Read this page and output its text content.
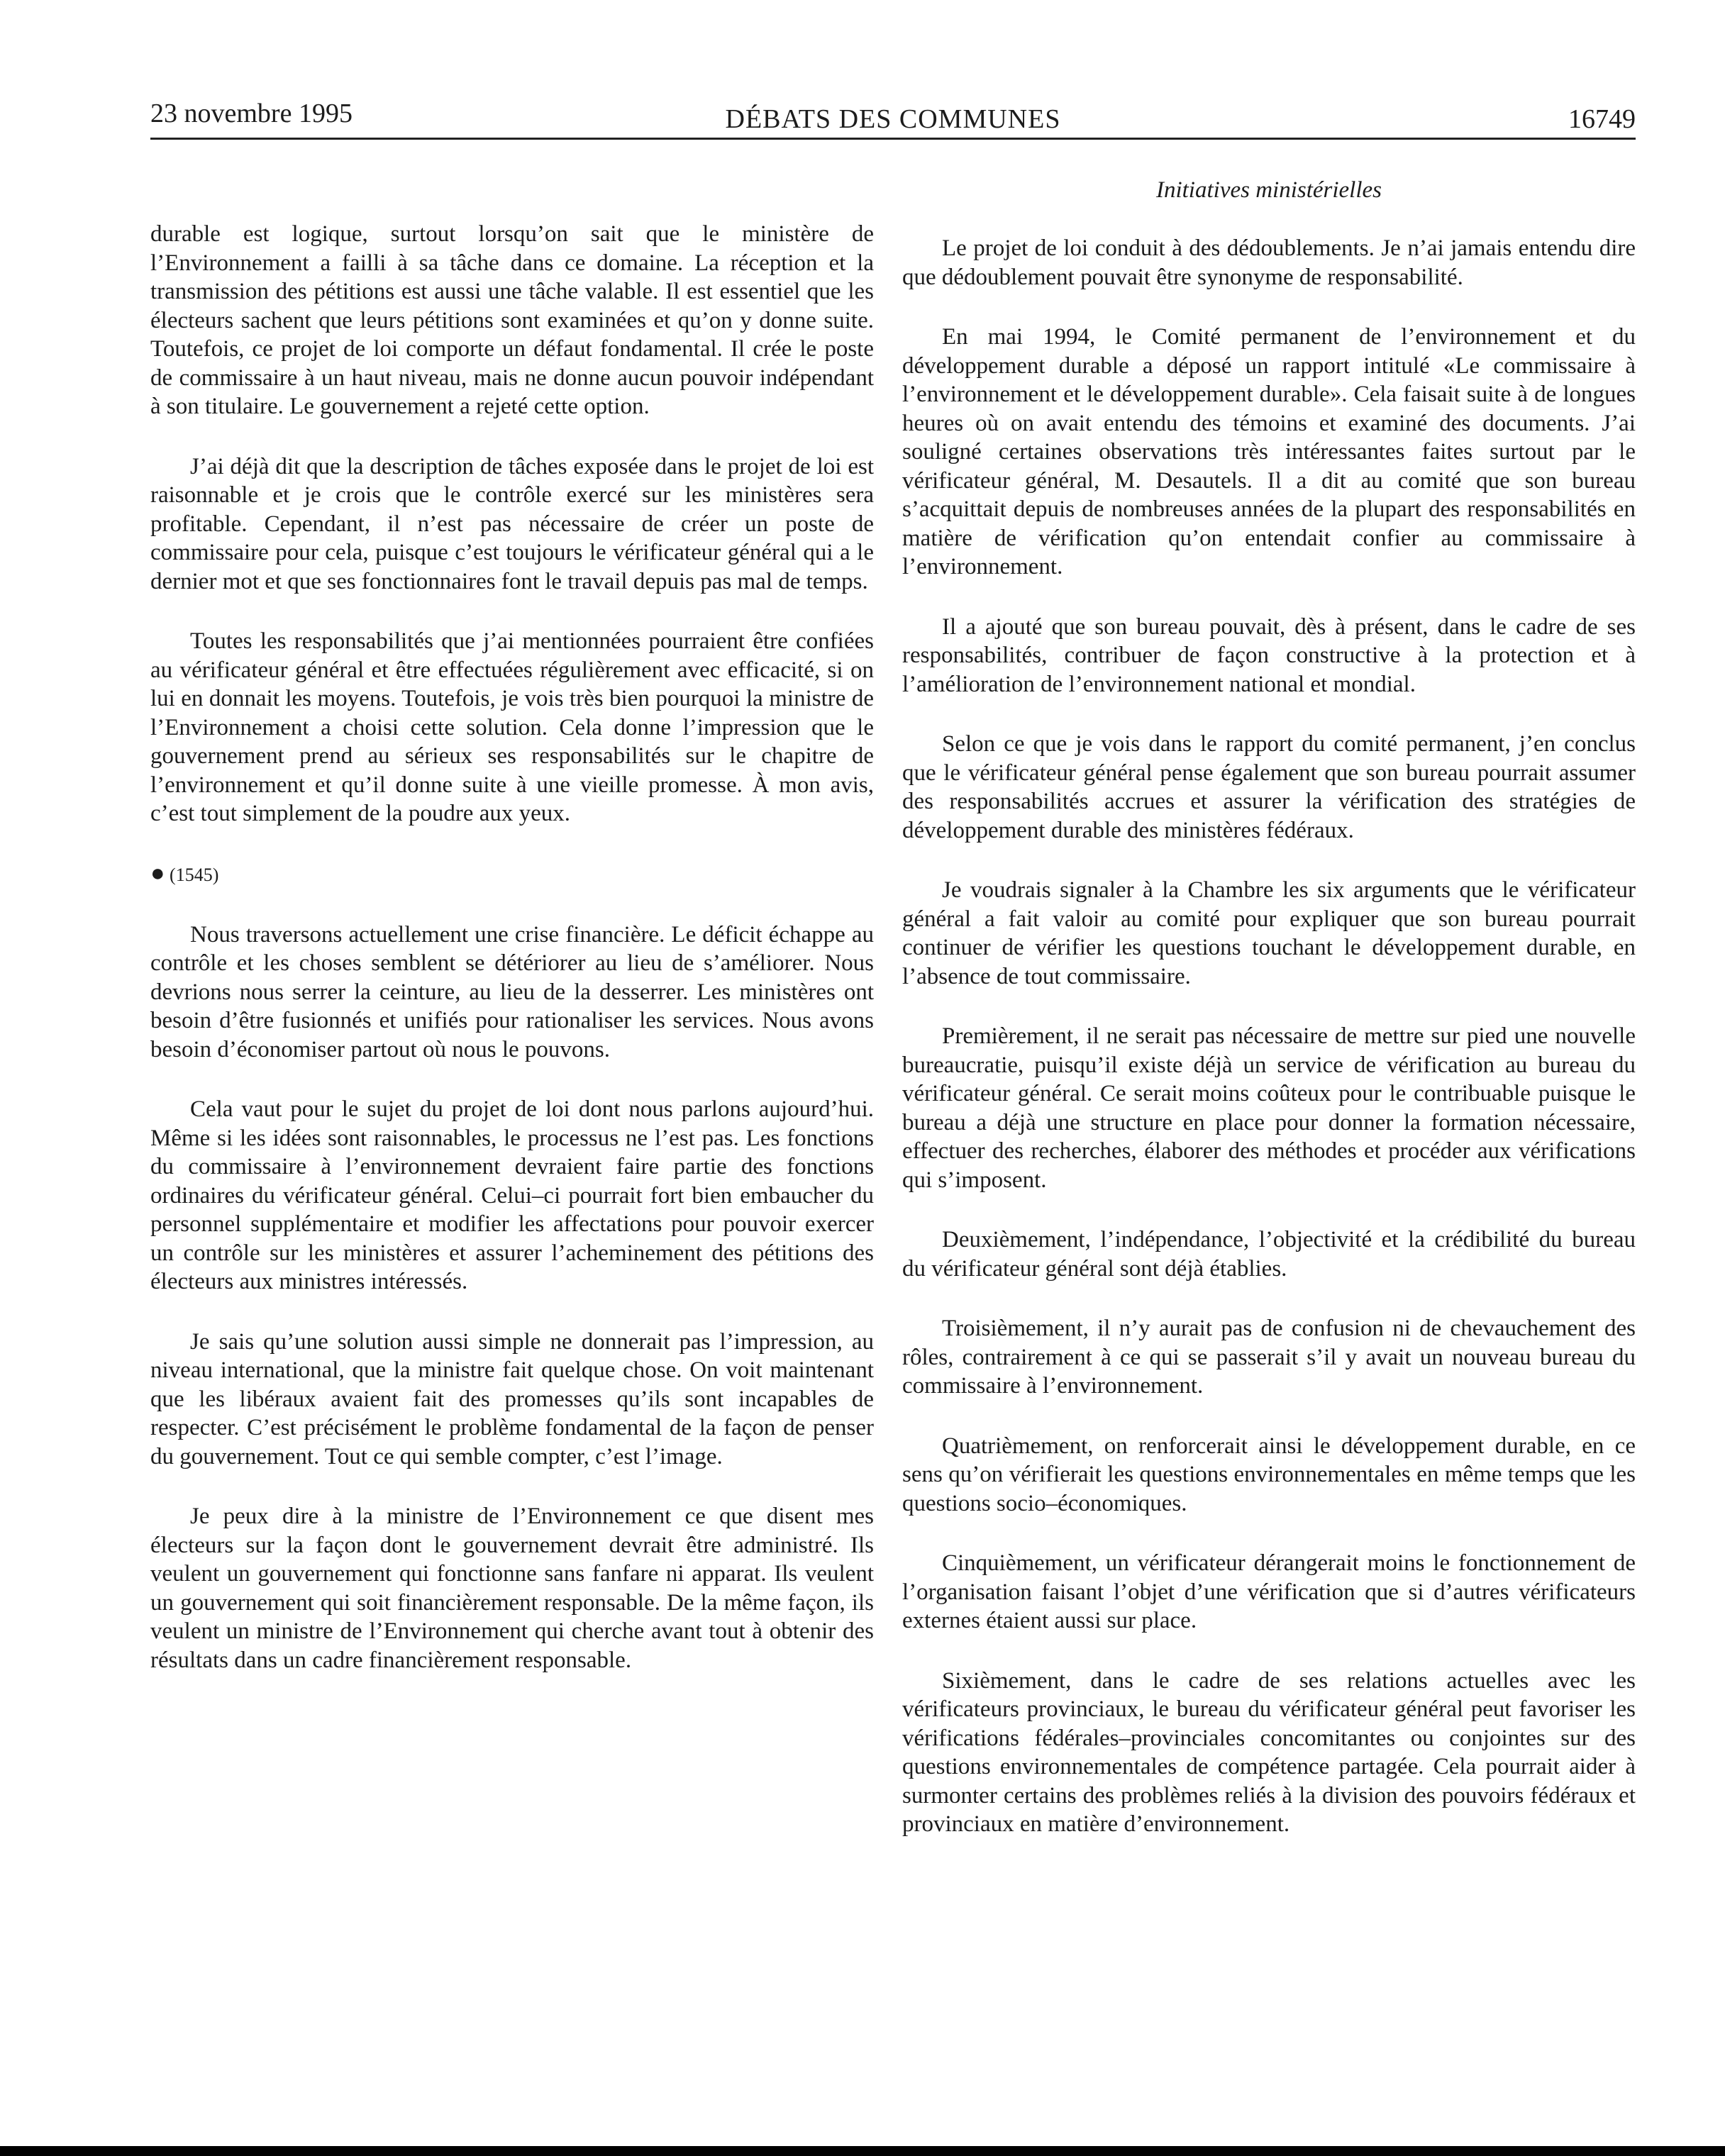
23 novembre 1995	DÉBATS DES COMMUNES	16749
Initiatives ministérielles

durable est logique, surtout lorsqu’on sait que le ministère de l’Environnement a failli à sa tâche dans ce domaine. La réception et la transmission des pétitions est aussi une tâche valable. Il est essentiel que les électeurs sachent que leurs pétitions sont examinées et qu’on y donne suite. Toutefois, ce projet de loi comporte un défaut fondamental. Il crée le poste de commissaire à un haut niveau, mais ne donne aucun pouvoir indépendant à son titulaire. Le gouvernement a rejeté cette option.

J’ai déjà dit que la description de tâches exposée dans le projet de loi est raisonnable et je crois que le contrôle exercé sur les ministères sera profitable. Cependant, il n’est pas nécessaire de créer un poste de commissaire pour cela, puisque c’est toujours le vérificateur général qui a le dernier mot et que ses fonctionnaires font le travail depuis pas mal de temps.

Toutes les responsabilités que j’ai mentionnées pourraient être confiées au vérificateur général et être effectuées régulièrement avec efficacité, si on lui en donnait les moyens. Toutefois, je vois très bien pourquoi la ministre de l’Environnement a choisi cette solution. Cela donne l’impression que le gouvernement prend au sérieux ses responsabilités sur le chapitre de l’environnement et qu’il donne suite à une vieille promesse. À mon avis, c’est tout simplement de la poudre aux yeux.

● (1545)

Nous traversons actuellement une crise financière. Le déficit échappe au contrôle et les choses semblent se détériorer au lieu de s’améliorer. Nous devrions nous serrer la ceinture, au lieu de la desserrer. Les ministères ont besoin d’être fusionnés et unifiés pour rationaliser les services. Nous avons besoin d’économiser partout où nous le pouvons.

Cela vaut pour le sujet du projet de loi dont nous parlons aujourd’hui. Même si les idées sont raisonnables, le processus ne l’est pas. Les fonctions du commissaire à l’environnement devraient faire partie des fonctions ordinaires du vérificateur général. Celui–ci pourrait fort bien embaucher du personnel supplémentaire et modifier les affectations pour pouvoir exercer un contrôle sur les ministères et assurer l’acheminement des pétitions des électeurs aux ministres intéressés.

Je sais qu’une solution aussi simple ne donnerait pas l’impression, au niveau international, que la ministre fait quelque chose. On voit maintenant que les libéraux avaient fait des promesses qu’ils sont incapables de respecter. C’est précisément le problème fondamental de la façon de penser du gouvernement. Tout ce qui semble compter, c’est l’image.

Je peux dire à la ministre de l’Environnement ce que disent mes électeurs sur la façon dont le gouvernement devrait être administré. Ils veulent un gouvernement qui fonctionne sans fanfare ni apparat. Ils veulent un gouvernement qui soit financièrement responsable. De la même façon, ils veulent un ministre de l’Environnement qui cherche avant tout à obtenir des résultats dans un cadre financièrement responsable.

Le projet de loi conduit à des dédoublements. Je n’ai jamais entendu dire que dédoublement pouvait être synonyme de responsabilité.

En mai 1994, le Comité permanent de l’environnement et du développement durable a déposé un rapport intitulé «Le commissaire à l’environnement et le développement durable». Cela faisait suite à de longues heures où on avait entendu des témoins et examiné des documents. J’ai souligné certaines observations très intéressantes faites surtout par le vérificateur général, M. Desautels. Il a dit au comité que son bureau s’acquittait depuis de nombreuses années de la plupart des responsabilités en matière de vérification qu’on entendait confier au commissaire à l’environnement.

Il a ajouté que son bureau pouvait, dès à présent, dans le cadre de ses responsabilités, contribuer de façon constructive à la protection et à l’amélioration de l’environnement national et mondial.

Selon ce que je vois dans le rapport du comité permanent, j’en conclus que le vérificateur général pense également que son bureau pourrait assumer des responsabilités accrues et assurer la vérification des stratégies de développement durable des ministères fédéraux.

Je voudrais signaler à la Chambre les six arguments que le vérificateur général a fait valoir au comité pour expliquer que son bureau pourrait continuer de vérifier les questions touchant le développement durable, en l’absence de tout commissaire.

Premièrement, il ne serait pas nécessaire de mettre sur pied une nouvelle bureaucratie, puisqu’il existe déjà un service de vérification au bureau du vérificateur général. Ce serait moins coûteux pour le contribuable puisque le bureau a déjà une structure en place pour donner la formation nécessaire, effectuer des recherches, élaborer des méthodes et procéder aux vérifications qui s’imposent.

Deuxièmement, l’indépendance, l’objectivité et la crédibilité du bureau du vérificateur général sont déjà établies.

Troisièmement, il n’y aurait pas de confusion ni de chevauchement des rôles, contrairement à ce qui se passerait s’il y avait un nouveau bureau du commissaire à l’environnement.

Quatrièmement, on renforcerait ainsi le développement durable, en ce sens qu’on vérifierait les questions environnementales en même temps que les questions socio–économiques.

Cinquièmement, un vérificateur dérangerait moins le fonctionnement de l’organisation faisant l’objet d’une vérification que si d’autres vérificateurs externes étaient aussi sur place.

Sixièmement, dans le cadre de ses relations actuelles avec les vérificateurs provinciaux, le bureau du vérificateur général peut favoriser les vérifications fédérales–provinciales concomitantes ou conjointes sur des questions environnementales de compétence partagée. Cela pourrait aider à surmonter certains des problèmes reliés à la division des pouvoirs fédéraux et provinciaux en matière d’environnement.
